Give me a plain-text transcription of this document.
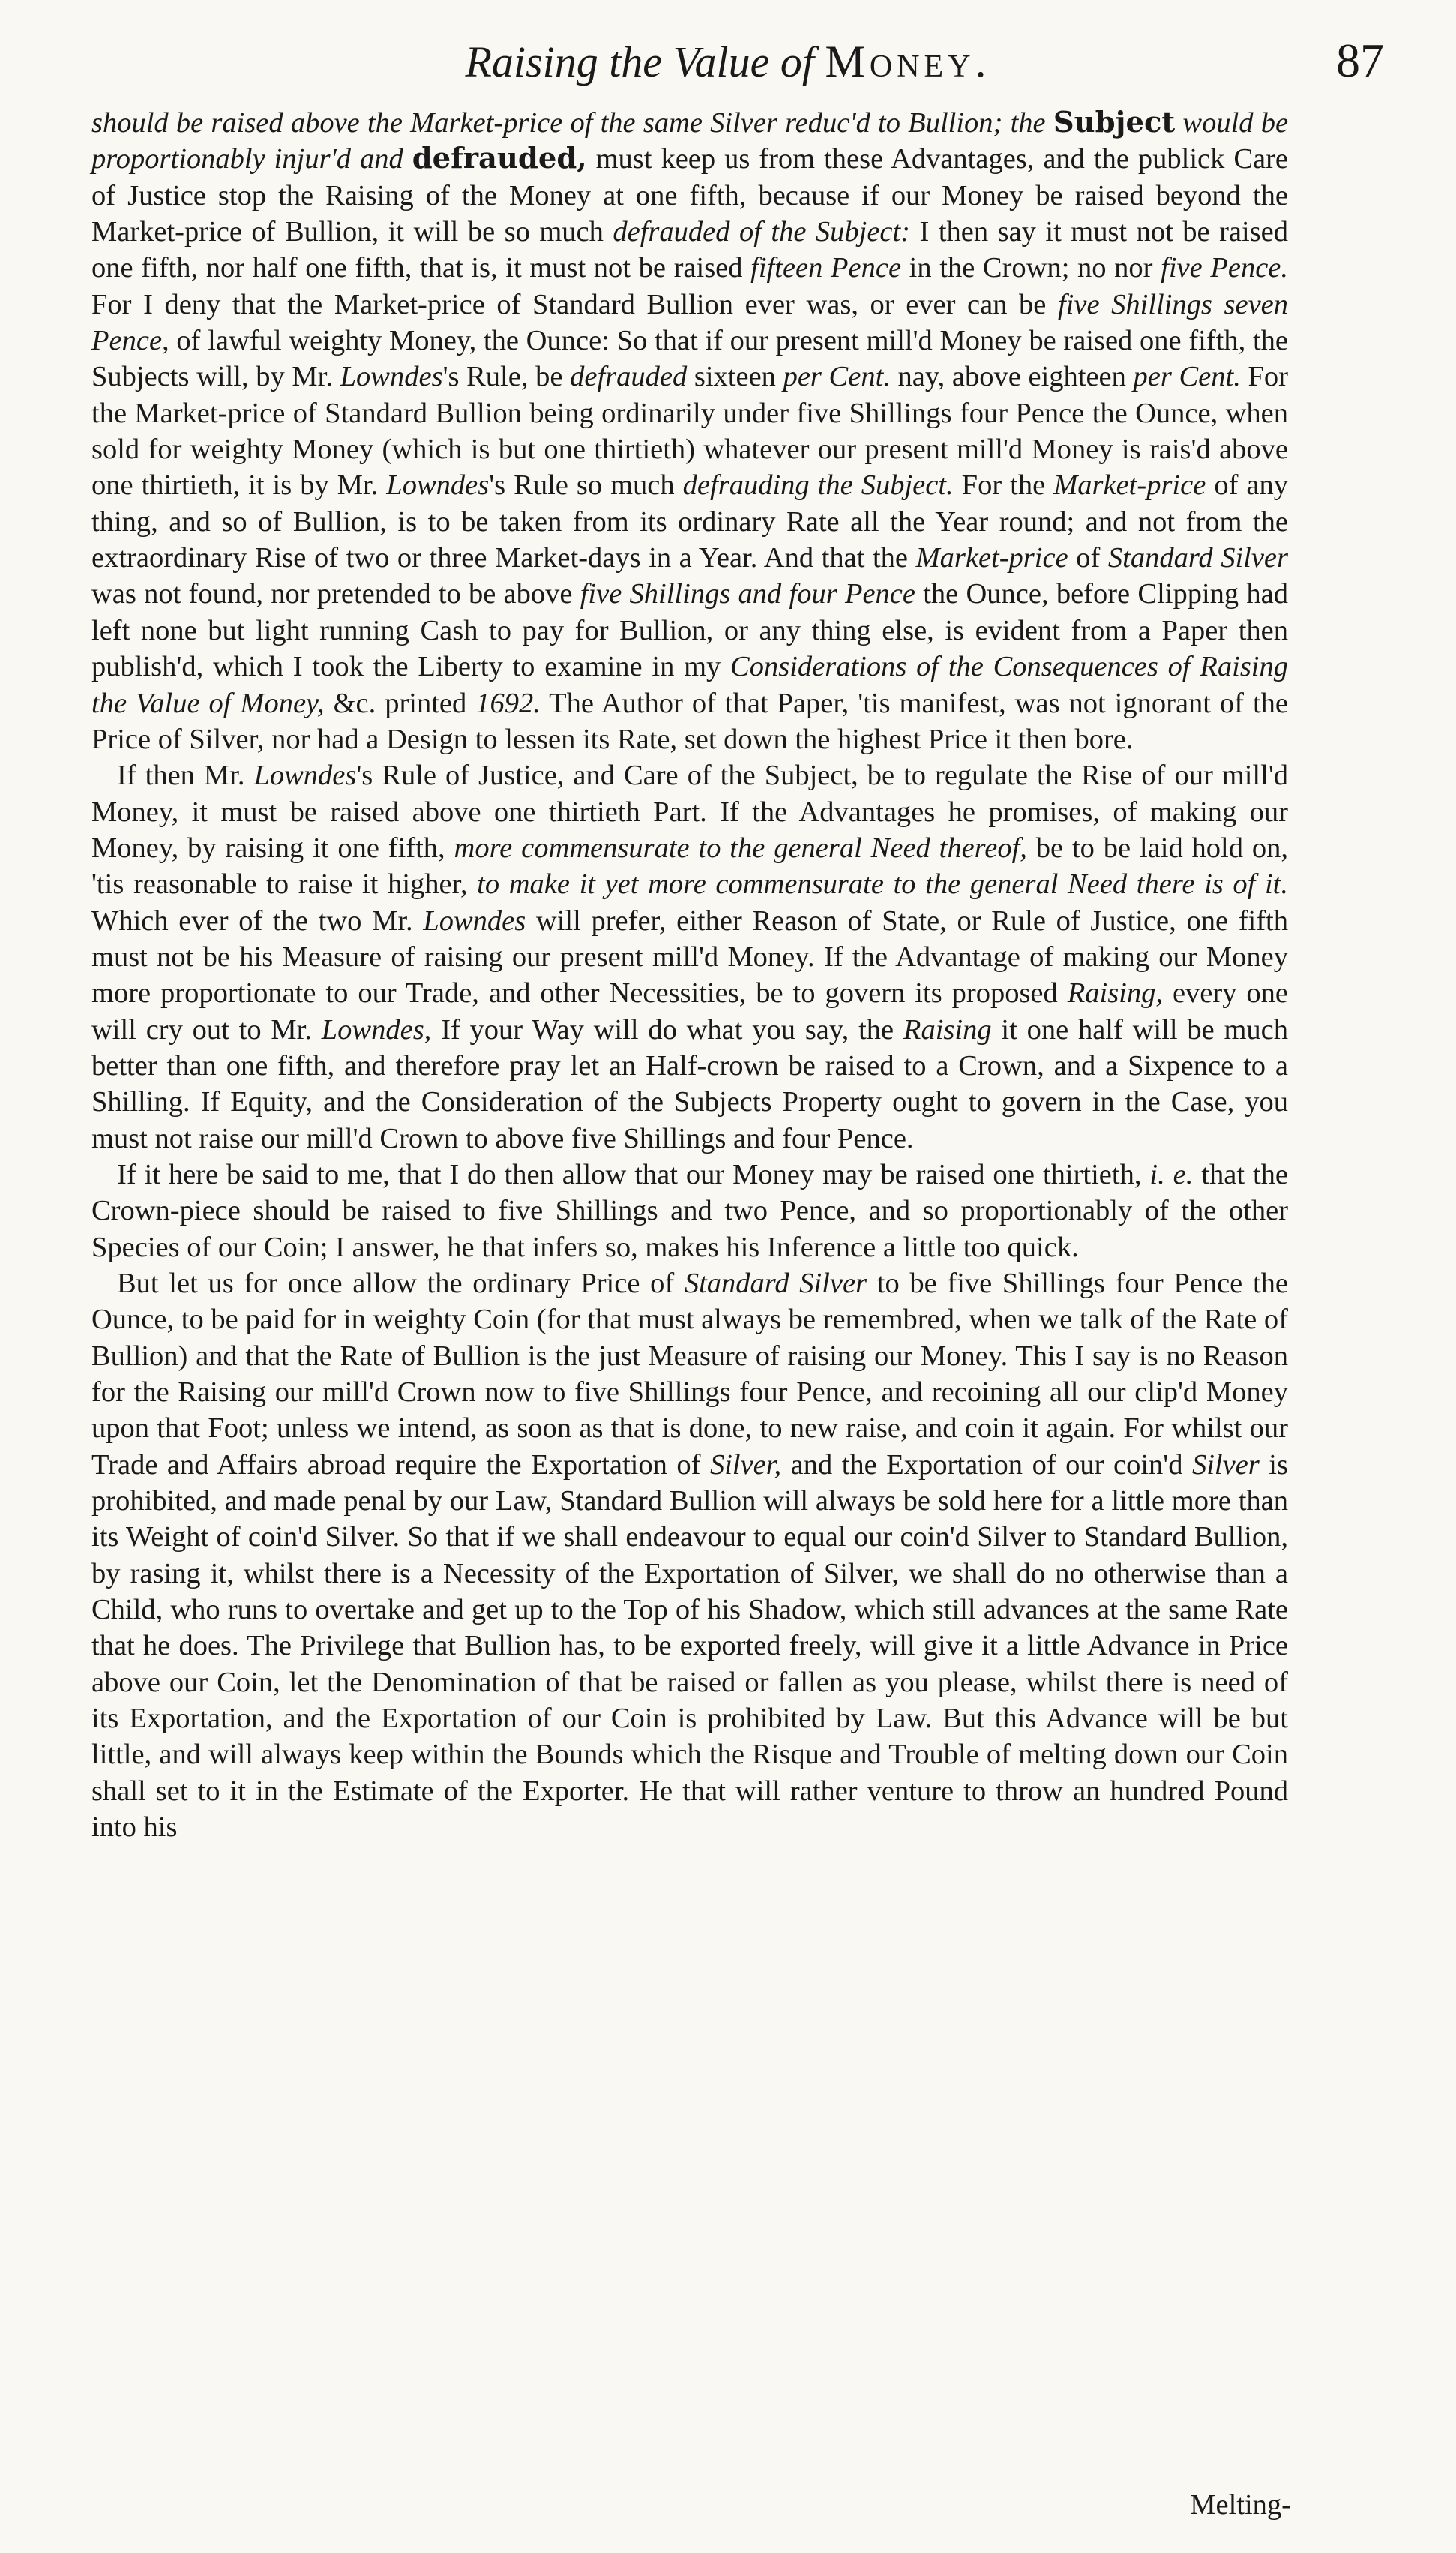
Raising the Value of Money.	87

should be raised above the Market-price of the same Silver reduc'd to Bullion; the Subject would be proportionably injur'd and defrauded, must keep us from these Advantages, and the publick Care of Justice stop the Raising of the Money at one fifth, because if our Money be raised beyond the Market-price of Bullion, it will be so much defrauded of the Subject: I then say it must not be raised one fifth, nor half one fifth, that is, it must not be raised fifteen Pence in the Crown; no nor five Pence. For I deny that the Market-price of Standard Bullion ever was, or ever can be five Shillings seven Pence, of lawful weighty Money, the Ounce: So that if our present mill'd Money be raised one fifth, the Subjects will, by Mr. Lowndes's Rule, be defrauded sixteen per Cent. nay, above eighteen per Cent. For the Market-price of Standard Bullion being ordinarily under five Shillings four Pence the Ounce, when sold for weighty Money (which is but one thirtieth) whatever our present mill'd Money is rais'd above one thirtieth, it is by Mr. Lowndes's Rule so much defrauding the Subject. For the Market-price of any thing, and so of Bullion, is to be taken from its ordinary Rate all the Year round; and not from the extraordinary Rise of two or three Market-days in a Year. And that the Market-price of Standard Silver was not found, nor pretended to be above five Shillings and four Pence the Ounce, before Clipping had left none but light running Cash to pay for Bullion, or any thing else, is evident from a Paper then publish'd, which I took the Liberty to examine in my Considerations of the Consequences of Raising the Value of Money, &c. printed 1692. The Author of that Paper, 'tis manifest, was not ignorant of the Price of Silver, nor had a Design to lessen its Rate, set down the highest Price it then bore.

If then Mr. Lowndes's Rule of Justice, and Care of the Subject, be to regulate the Rise of our mill'd Money, it must be raised above one thirtieth Part. If the Advantages he promises, of making our Money, by raising it one fifth, more commensurate to the general Need thereof, be to be laid hold on, 'tis reasonable to raise it higher, to make it yet more commensurate to the general Need there is of it. Which ever of the two Mr. Lowndes will prefer, either Reason of State, or Rule of Justice, one fifth must not be his Measure of raising our present mill'd Money. If the Advantage of making our Money more proportionate to our Trade, and other Necessities, be to govern its proposed Raising, every one will cry out to Mr. Lowndes, If your Way will do what you say, the Raising it one half will be much better than one fifth, and therefore pray let an Half-crown be raised to a Crown, and a Sixpence to a Shilling. If Equity, and the Consideration of the Subjects Property ought to govern in the Case, you must not raise our mill'd Crown to above five Shillings and four Pence.

If it here be said to me, that I do then allow that our Money may be raised one thirtieth, i. e. that the Crown-piece should be raised to five Shillings and two Pence, and so proportionably of the other Species of our Coin; I answer, he that infers so, makes his Inference a little too quick.

But let us for once allow the ordinary Price of Standard Silver to be five Shillings four Pence the Ounce, to be paid for in weighty Coin (for that must always be remembred, when we talk of the Rate of Bullion) and that the Rate of Bullion is the just Measure of raising our Money. This I say is no Reason for the Raising our mill'd Crown now to five Shillings four Pence, and recoining all our clip'd Money upon that Foot; unless we intend, as soon as that is done, to new raise, and coin it again. For whilst our Trade and Affairs abroad require the Exportation of Silver, and the Exportation of our coin'd Silver is prohibited, and made penal by our Law, Standard Bullion will always be sold here for a little more than its Weight of coin'd Silver. So that if we shall endeavour to equal our coin'd Silver to Standard Bullion, by rasing it, whilst there is a Necessity of the Exportation of Silver, we shall do no otherwise than a Child, who runs to overtake and get up to the Top of his Shadow, which still advances at the same Rate that he does. The Privilege that Bullion has, to be exported freely, will give it a little Advance in Price above our Coin, let the Denomination of that be raised or fallen as you please, whilst there is need of its Exportation, and the Exportation of our Coin is prohibited by Law. But this Advance will be but little, and will always keep within the Bounds which the Risque and Trouble of melting down our Coin shall set to it in the Estimate of the Exporter. He that will rather venture to throw an hundred Pound into his

Melting-
